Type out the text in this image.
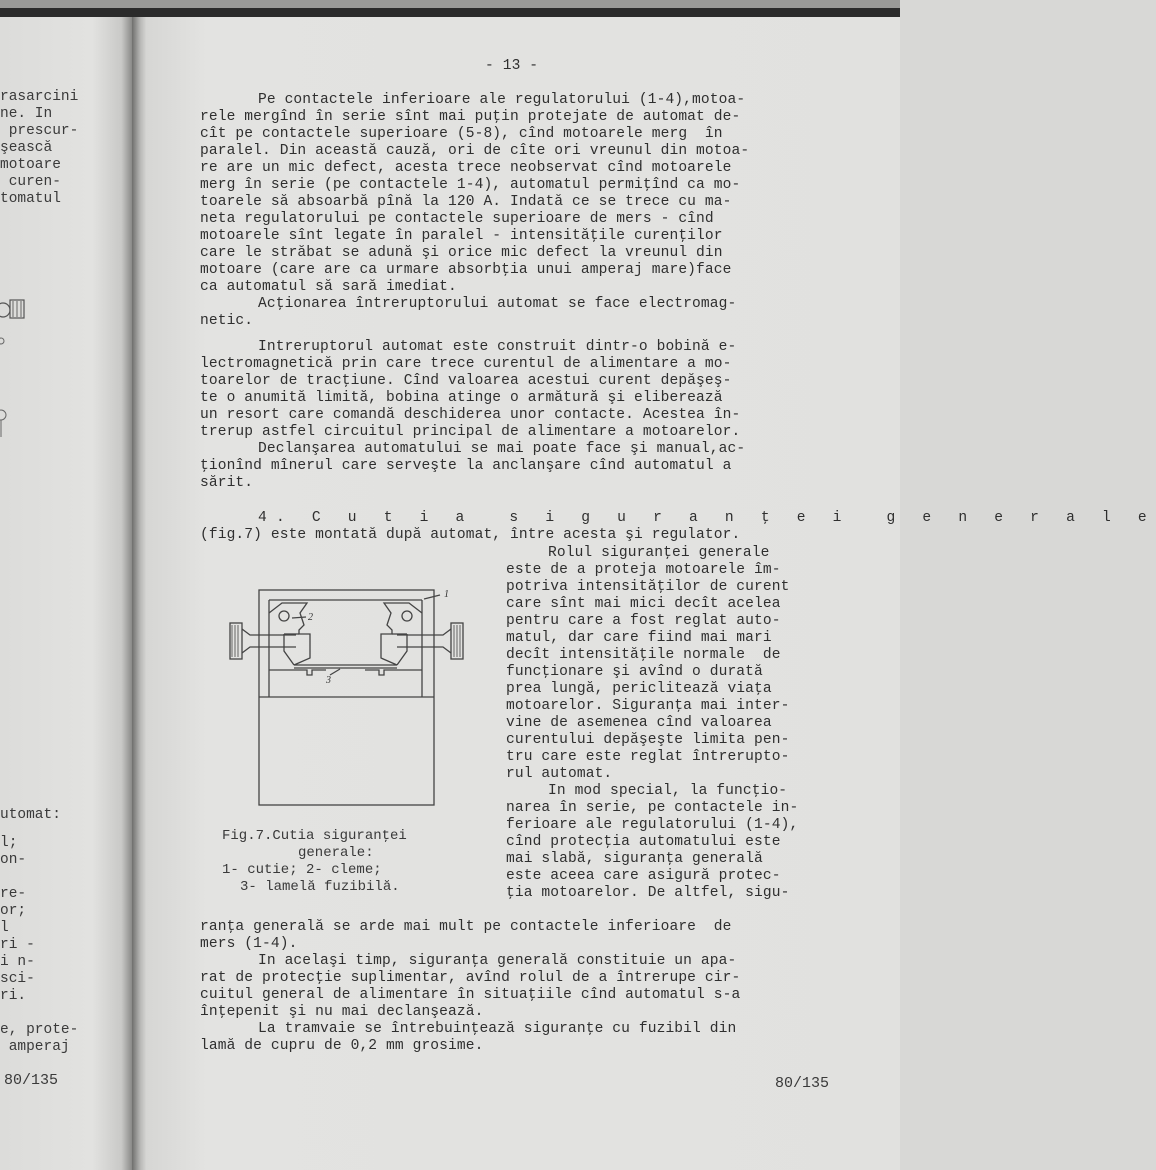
rasarcini
ne. In
prescur-
şească
motoare
curen-
tomatul
utomat:
l;
on-
re-
or;
l
ri -
i n-
sci-
ri.
e, prote-
amperaj
80/135
- 13 -
Pe contactele inferioare ale regulatorului (1-4),motoa-
rele mergînd în serie sînt mai puţin protejate de automat de-
cît pe contactele superioare (5-8), cînd motoarele merg  în
paralel. Din această cauză, ori de cîte ori vreunul din motoa-
re are un mic defect, acesta trece neobservat cînd motoarele
merg în serie (pe contactele 1-4), automatul permiţînd ca mo-
toarele să absoarbă pînă la 120 A. Indată ce se trece cu ma-
neta regulatorului pe contactele superioare de mers - cînd
motoarele sînt legate în paralel - intensităţile curenţilor
care le străbat se adună şi orice mic defect la vreunul din
motoare (care are ca urmare absorbţia unui amperaj mare)face
ca automatul să sară imediat.
Acţionarea întreruptorului automat se face electromag-
netic.
Intreruptorul automat este construit dintr-o bobină e-
lectromagnetică prin care trece curentul de alimentare a mo-
toarelor de tracţiune. Cînd valoarea acestui curent depăşeş-
te o anumită limită, bobina atinge o armătură şi eliberează
un resort care comandă deschiderea unor contacte. Acestea în-
trerup astfel circuitul principal de alimentare a motoarelor.
Declanşarea automatului se mai poate face şi manual,ac-
ţionînd mînerul care serveşte la anclanşare cînd automatul a
sărit.
4. C u t i a  s i g u r a n ţ e i  g e n e r a l e
(fig.7) este montată după automat, între acesta şi regulator.
Rolul siguranţei generale
este de a proteja motoarele îm-
potriva intensităţilor de curent
care sînt mai mici decît acelea
pentru care a fost reglat auto-
matul, dar care fiind mai mari
decît intensităţile normale  de
funcţionare şi avînd o durată
prea lungă, periclitează viaţa
motoarelor. Siguranţa mai inter-
vine de asemenea cînd valoarea
curentului depăşeşte limita pen-
tru care este reglat întrerupto-
rul automat.
In mod special, la funcţio-
narea în serie, pe contactele in-
ferioare ale regulatorului (1-4),
cînd protecţia automatului este
mai slabă, siguranţa generală
este aceea care asigură protec-
ţia motoarelor. De altfel, sigu-
1
2
3
Fig.7.Cutia siguranţei
generale:
1- cutie; 2- cleme;
3- lamelă fuzibilă.
ranţa generală se arde mai mult pe contactele inferioare  de
mers (1-4).
In acelaşi timp, siguranţa generală constituie un apa-
rat de protecţie suplimentar, avînd rolul de a întrerupe cir-
cuitul general de alimentare în situaţiile cînd automatul s-a
înţepenit şi nu mai declanşează.
La tramvaie se întrebuinţează siguranţe cu fuzibil din
lamă de cupru de 0,2 mm grosime.
80/135
